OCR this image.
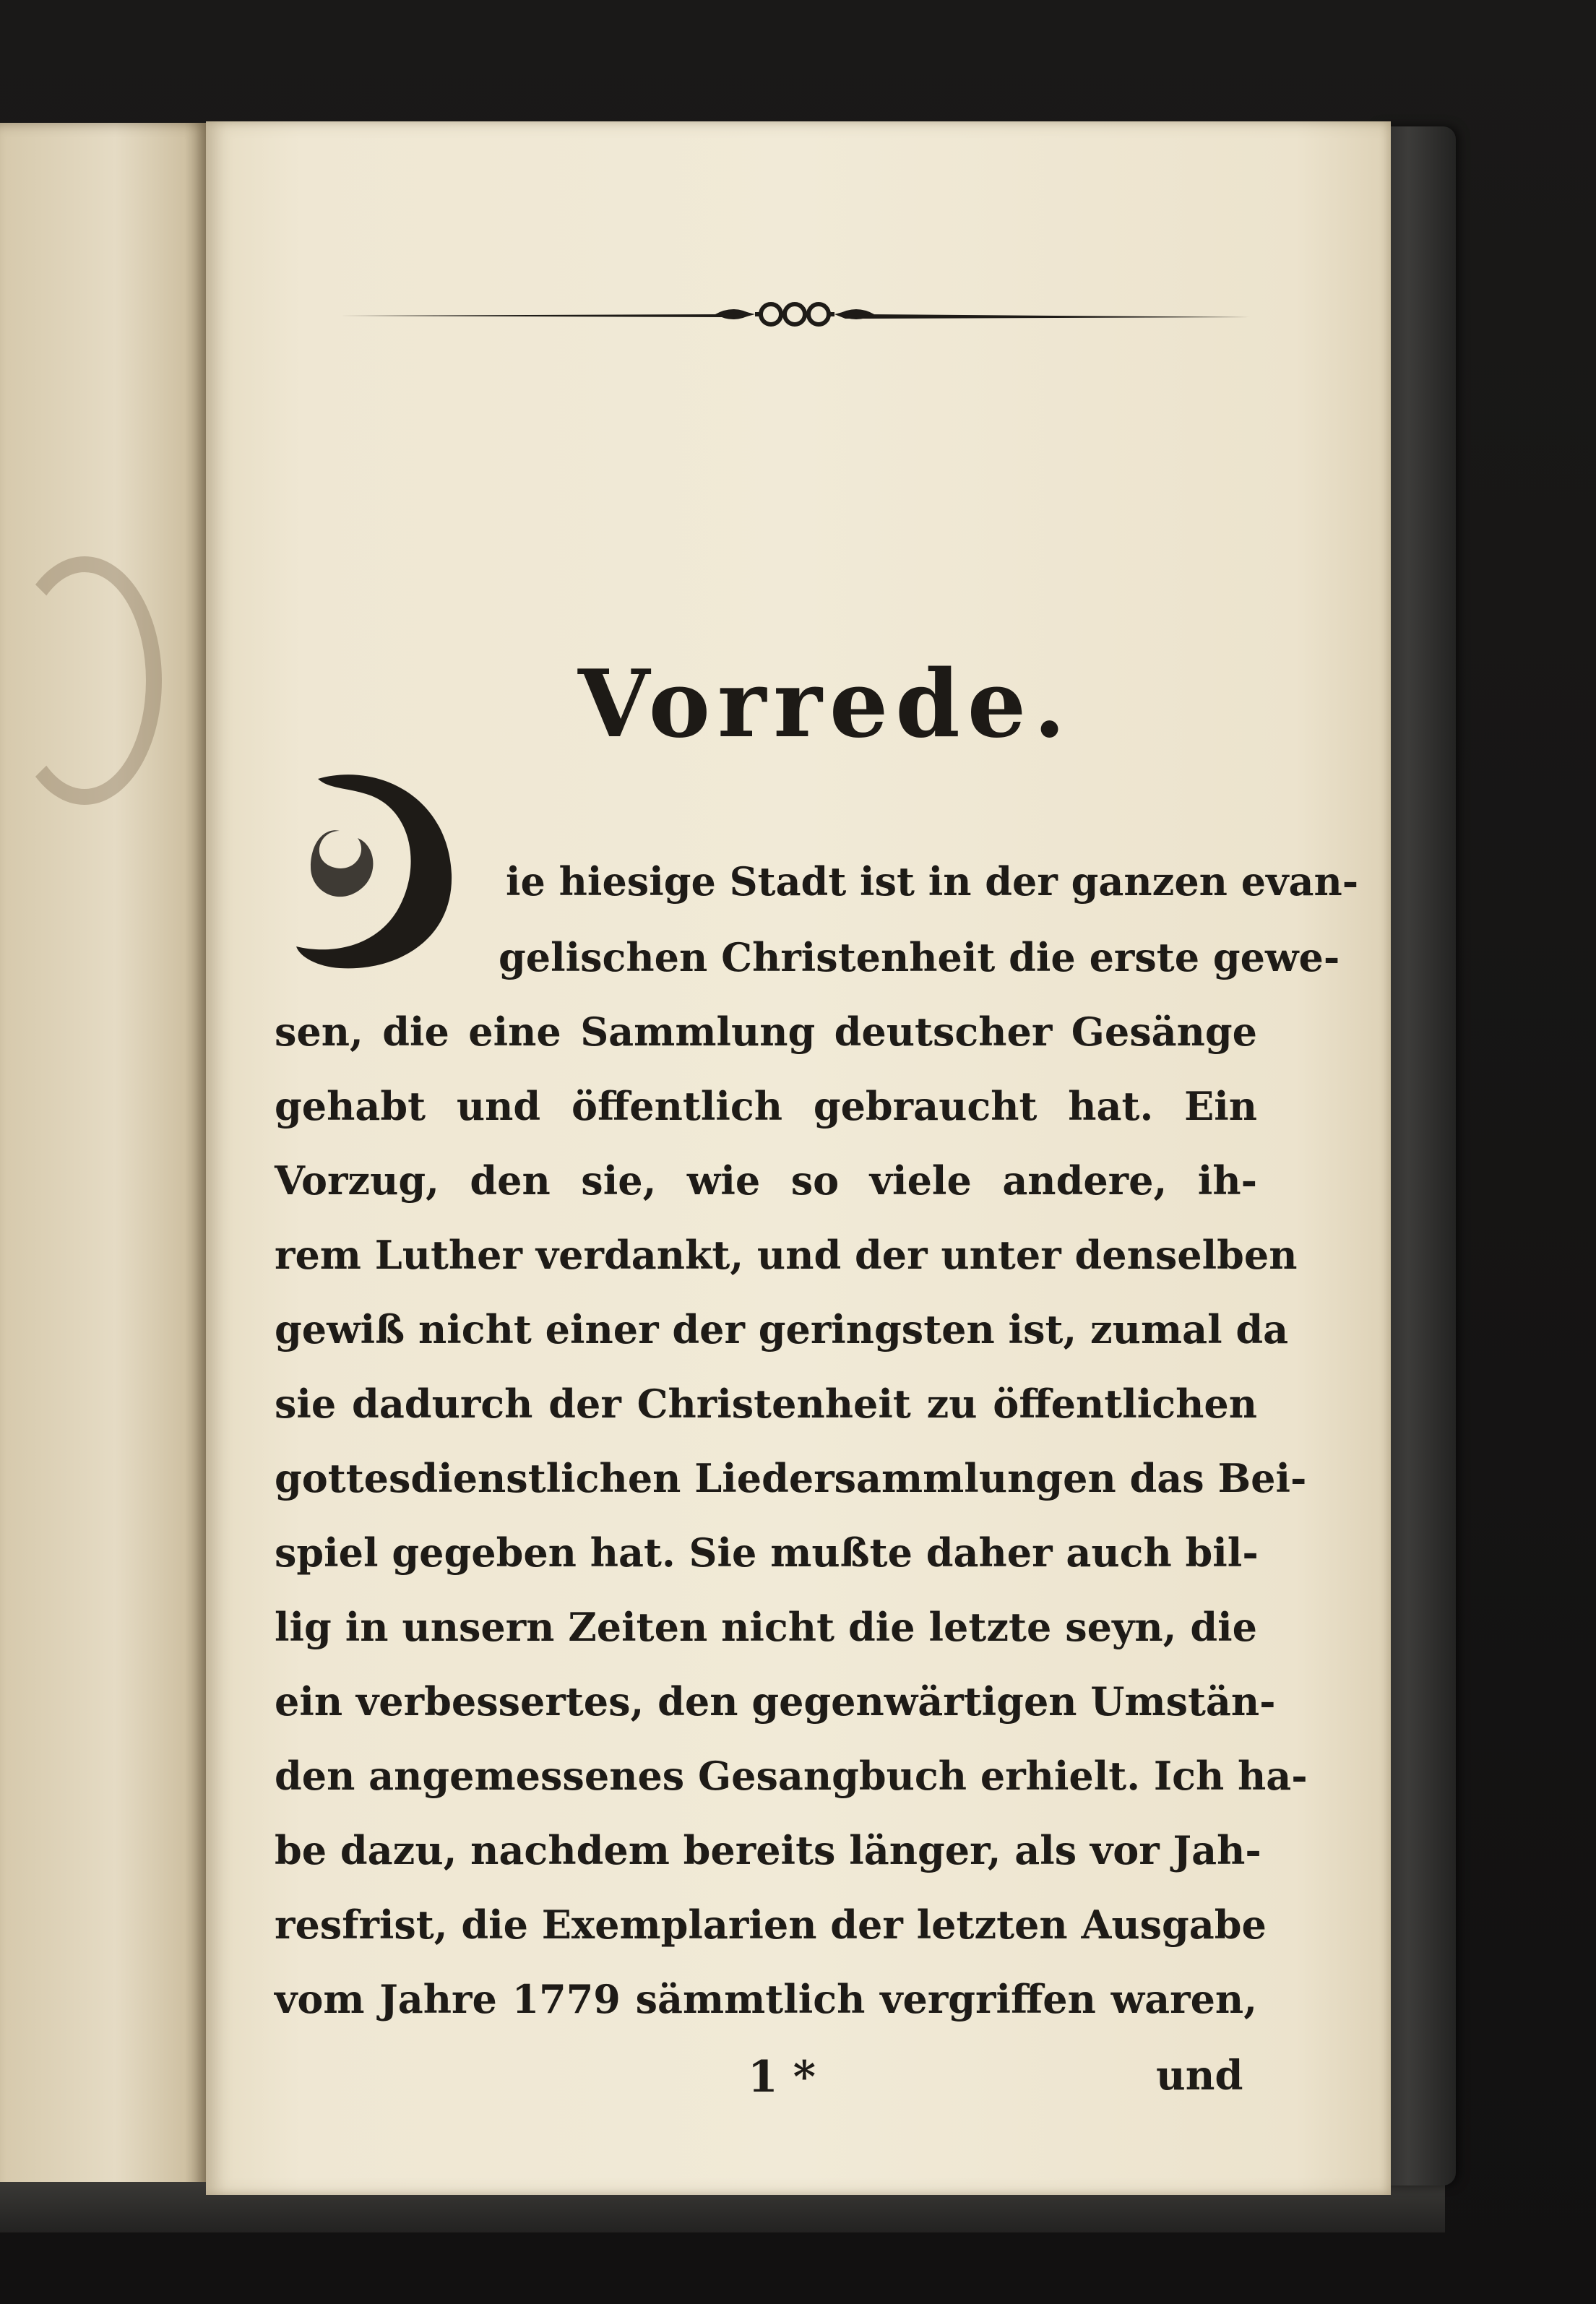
Vorrede.
ie hiesige Stadt ist in der ganzen evan-
gelischen Christenheit die erste gewe-
sen, die eine Sammlung deutscher Gesänge
gehabt und öffentlich gebraucht hat. Ein
Vorzug, den sie, wie so viele andere, ih-
rem Luther verdankt, und der unter denselben
gewiß nicht einer der geringsten ist, zumal da
sie dadurch der Christenheit zu öffentlichen
gottesdienstlichen Liedersammlungen das Bei-
spiel gegeben hat. Sie mußte daher auch bil-
lig in unsern Zeiten nicht die letzte seyn, die
ein verbessertes, den gegenwärtigen Umstän-
den angemessenes Gesangbuch erhielt. Ich ha-
be dazu, nachdem bereits länger, als vor Jah-
resfrist, die Exemplarien der letzten Ausgabe
vom Jahre 1779 sämmtlich vergriffen waren,
1 *	und
